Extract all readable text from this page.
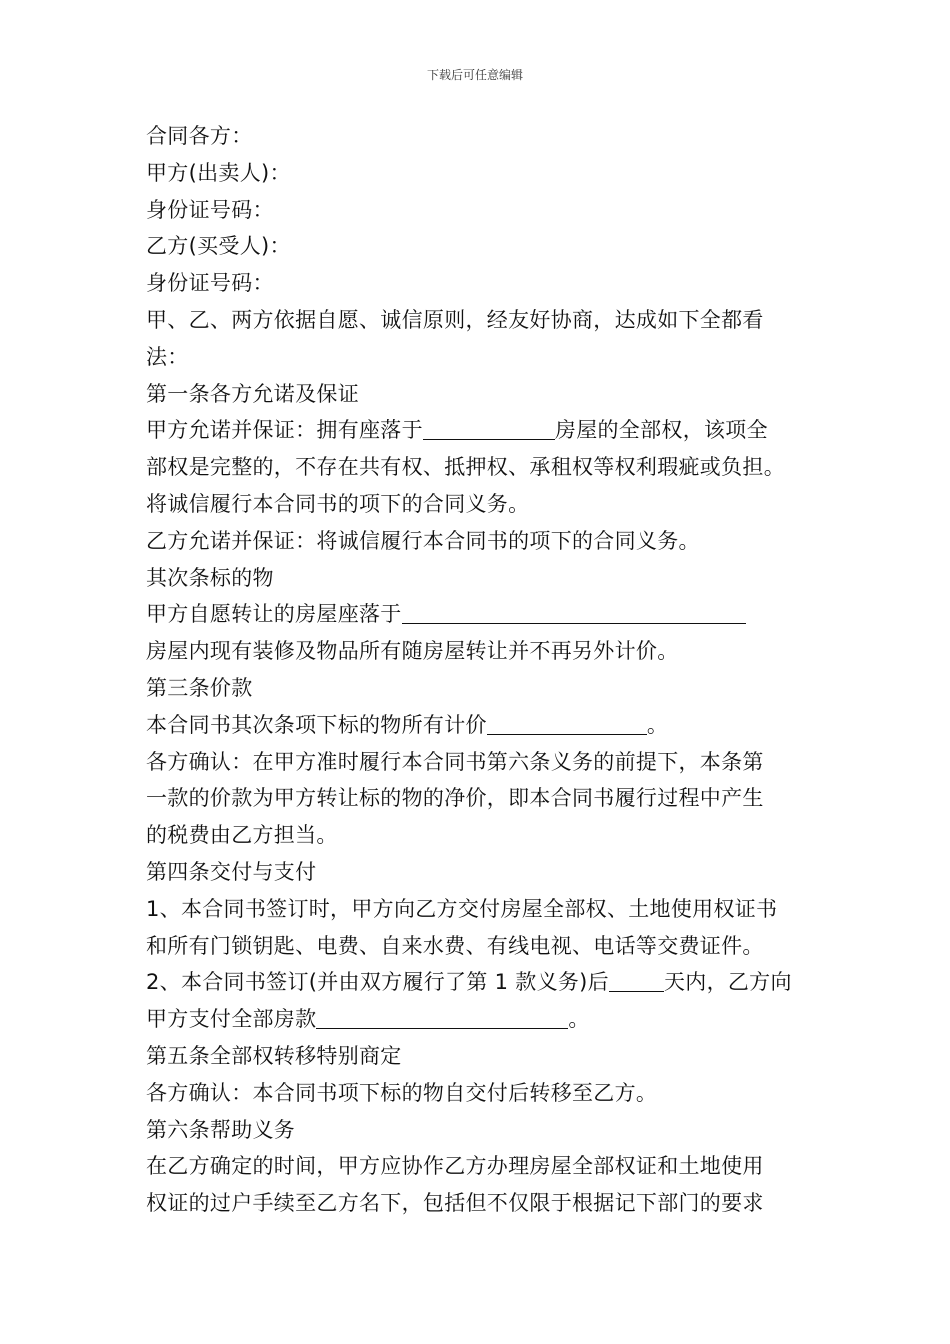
下载后可任意编辑
合同各方：
甲方(出卖人)：
身份证号码：
乙方(买受人)：
身份证号码：
甲、乙、两方依据自愿、诚信原则，经友好协商，达成如下全都看
法：
第一条各方允诺及保证
甲方允诺并保证：拥有座落于	房屋的全部权，该项全
部权是完整的，不存在共有权、抵押权、承租权等权利瑕疵或负担。
将诚信履行本合同书的项下的合同义务。
乙方允诺并保证：将诚信履行本合同书的项下的合同义务。
其次条标的物
甲方自愿转让的房屋座落于
房屋内现有装修及物品所有随房屋转让并不再另外计价。
第三条价款
本合同书其次条项下标的物所有计价	。
各方确认：在甲方准时履行本合同书第六条义务的前提下，本条第
一款的价款为甲方转让标的物的净价，即本合同书履行过程中产生
的税费由乙方担当。
第四条交付与支付
1、本合同书签订时，甲方向乙方交付房屋全部权、土地使用权证书
和所有门锁钥匙、电费、自来水费、有线电视、电话等交费证件。
2、本合同书签订(并由双方履行了第 1 款义务)后	天内，乙方向
甲方支付全部房款	。
第五条全部权转移特别商定
各方确认：本合同书项下标的物自交付后转移至乙方。
第六条帮助义务
在乙方确定的时间，甲方应协作乙方办理房屋全部权证和土地使用
权证的过户手续至乙方名下，包括但不仅限于根据记下部门的要求
